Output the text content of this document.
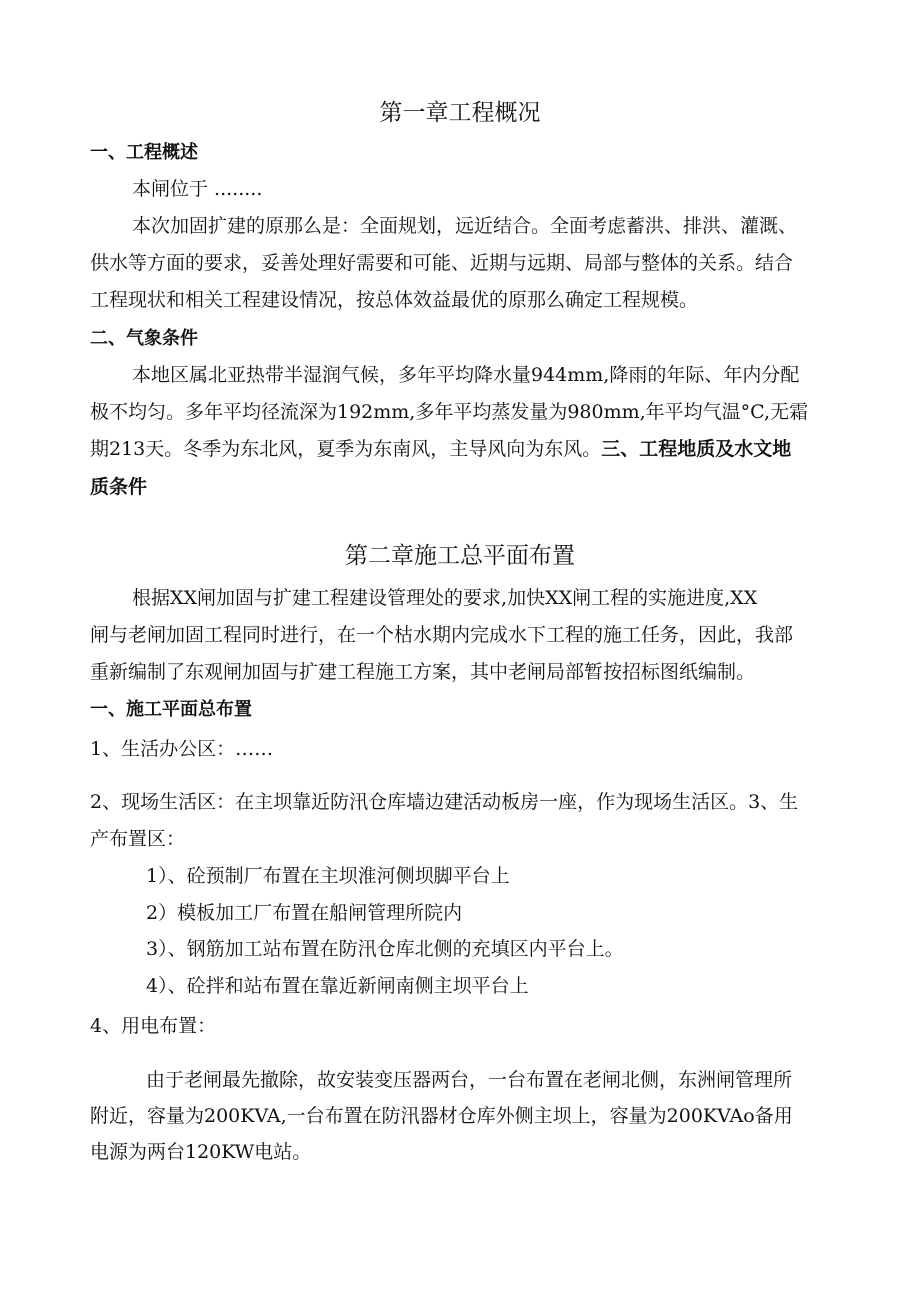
第一章工程概况
一、工程概述
本闸位于 ........
本次加固扩建的原那么是：全面规划，远近结合。全面考虑蓄洪、排洪、灌溉、
供水等方面的要求，妥善处理好需要和可能、近期与远期、局部与整体的关系。结合
工程现状和相关工程建设情况，按总体效益最优的原那么确定工程规模。
二、气象条件
本地区属北亚热带半湿润气候，多年平均降水量944mm,降雨的年际、年内分配
极不均匀。多年平均径流深为192mm,多年平均蒸发量为980mm,年平均气温°C,无霜
期213天。冬季为东北风，夏季为东南风，主导风向为东风。三、工程地质及水文地
质条件
第二章施工总平面布置
根据XX闸加固与扩建工程建设管理处的要求,加快XX闸工程的实施进度,XX
闸与老闸加固工程同时进行，在一个枯水期内完成水下工程的施工任务，因此，我部
重新编制了东观闸加固与扩建工程施工方案，其中老闸局部暂按招标图纸编制。
一、施工平面总布置
1、生活办公区：……
2、现场生活区：在主坝靠近防汛仓库墙边建活动板房一座，作为现场生活区。3、生
产布置区：
1）、砼预制厂布置在主坝淮河侧坝脚平台上
2）模板加工厂布置在船闸管理所院内
3）、钢筋加工站布置在防汛仓库北侧的充填区内平台上。
4）、砼拌和站布置在靠近新闸南侧主坝平台上
4、用电布置：
由于老闸最先撤除，故安装变压器两台，一台布置在老闸北侧，东洲闸管理所
附近，容量为200KVA,一台布置在防汛器材仓库外侧主坝上，容量为200KVAo备用
电源为两台120KW电站。
